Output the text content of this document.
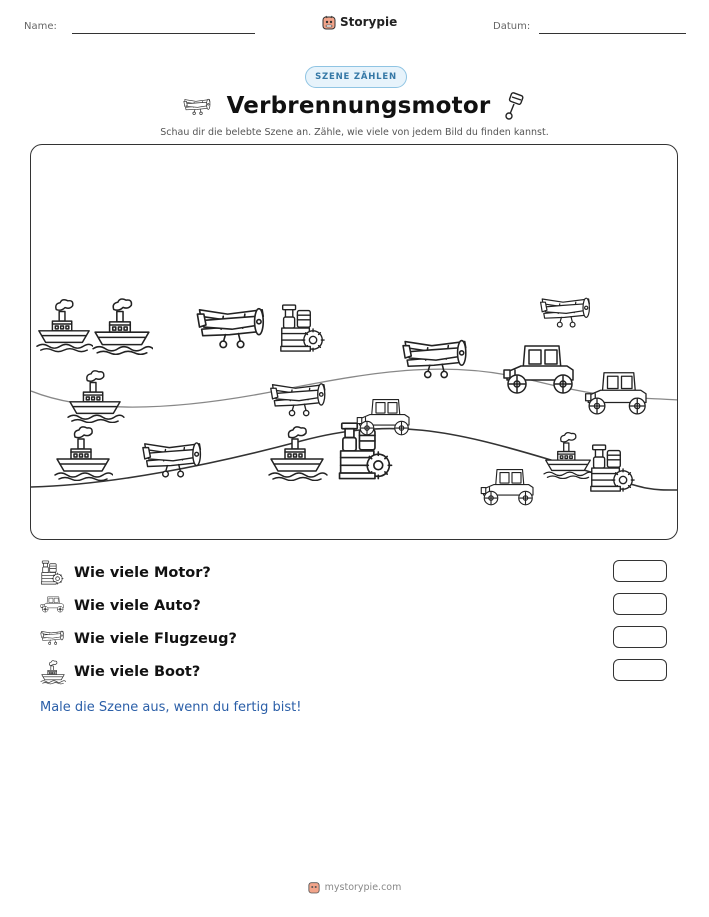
Name:	Storypie	Datum:
SZENE ZÄHLEN
Verbrennungsmotor
Schau dir die belebte Szene an. Zähle, wie viele von jedem Bild du finden kannst.
Wie viele Motor?
Wie viele Auto?
Wie viele Flugzeug?
Wie viele Boot?
Male die Szene aus, wenn du fertig bist!
mystorypie.com
